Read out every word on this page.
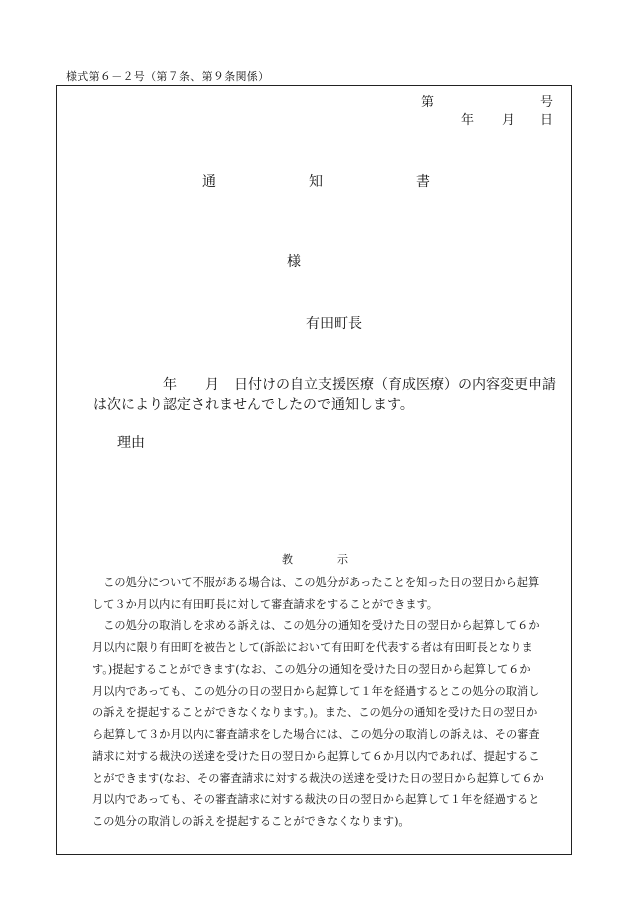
様式第６－２号（第７条、第９条関係）
第	号
年 月 日
通	知	書
様
有田町長
年 月 日付けの自立支援医療（育成医療）の内容変更申請
は次により認定されませんでしたので通知します。
理由
教	示
　この処分について不服がある場合は、この処分があったことを知った日の翌日から起算
して３か月以内に有田町長に対して審査請求をすることができます。
　この処分の取消しを求める訴えは、この処分の通知を受けた日の翌日から起算して６か
月以内に限り有田町を被告として(訴訟において有田町を代表する者は有田町長となりま
す。)提起することができます(なお、この処分の通知を受けた日の翌日から起算して６か
月以内であっても、この処分の日の翌日から起算して１年を経過するとこの処分の取消し
の訴えを提起することができなくなります。)。また、この処分の通知を受けた日の翌日か
ら起算して３か月以内に審査請求をした場合には、この処分の取消しの訴えは、その審査
請求に対する裁決の送達を受けた日の翌日から起算して６か月以内であれば、提起するこ
とができます(なお、その審査請求に対する裁決の送達を受けた日の翌日から起算して６か
月以内であっても、その審査請求に対する裁決の日の翌日から起算して１年を経過すると
この処分の取消しの訴えを提起することができなくなります)。
